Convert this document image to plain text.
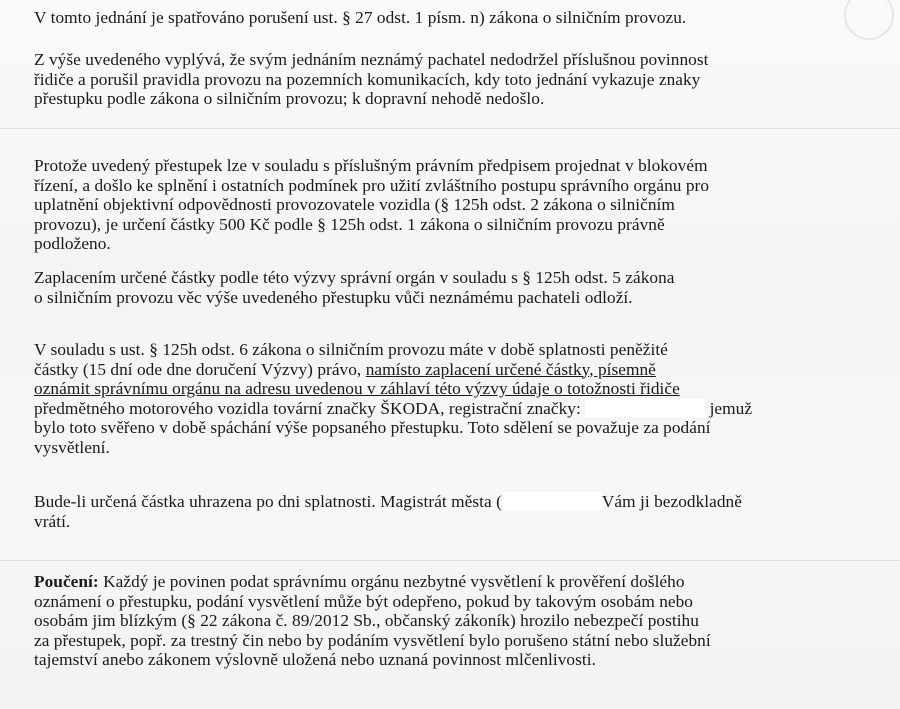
V tomto jednání je spatřováno porušení ust. § 27 odst. 1 písm. n) zákona o silničním provozu.
Z výše uvedeného vyplývá, že svým jednáním neznámý pachatel nedodržel příslušnou povinnost
řidiče a porušil pravidla provozu na pozemních komunikacích, kdy toto jednání vykazuje znaky
přestupku podle zákona o silničním provozu; k dopravní nehodě nedošlo.
Protože uvedený přestupek lze v souladu s příslušným právním předpisem projednat v blokovém
řízení, a došlo ke splnění i ostatních podmínek pro užití zvláštního postupu správního orgánu pro
uplatnění objektivní odpovědnosti provozovatele vozidla (§ 125h odst. 2 zákona o silničním
provozu), je určení částky 500 Kč podle § 125h odst. 1 zákona o silničním provozu právně
podloženo.
Zaplacením určené částky podle této výzvy správní orgán v souladu s § 125h odst. 5 zákona
o silničním provozu věc výše uvedeného přestupku vůči neznámému pachateli odloží.
V souladu s ust. § 125h odst. 6 zákona o silničním provozu máte v době splatnosti peněžité
částky (15 dní ode dne doručení Výzvy) právo, namísto zaplacení určené částky, písemně
oznámit správnímu orgánu na adresu uvedenou v záhlaví této výzvy údaje o totožnosti řidiče
předmětného motorového vozidla tovární značky ŠKODA, registrační značky:	jemuž
bylo toto svěřeno v době spáchání výše popsaného přestupku. Toto sdělení se považuje za podání
vysvětlení.
Bude-li určená částka uhrazena po dni splatnosti. Magistrát města (	Vám ji bezodkladně
vrátí.
Poučení: Každý je povinen podat správnímu orgánu nezbytné vysvětlení k prověření došlého
oznámení o přestupku, podání vysvětlení může být odepřeno, pokud by takovým osobám nebo
osobám jim blízkým (§ 22 zákona č. 89/2012 Sb., občanský zákoník) hrozilo nebezpečí postihu
za přestupek, popř. za trestný čin nebo by podáním vysvětlení bylo porušeno státní nebo služební
tajemství anebo zákonem výslovně uložená nebo uznaná povinnost mlčenlivosti.
